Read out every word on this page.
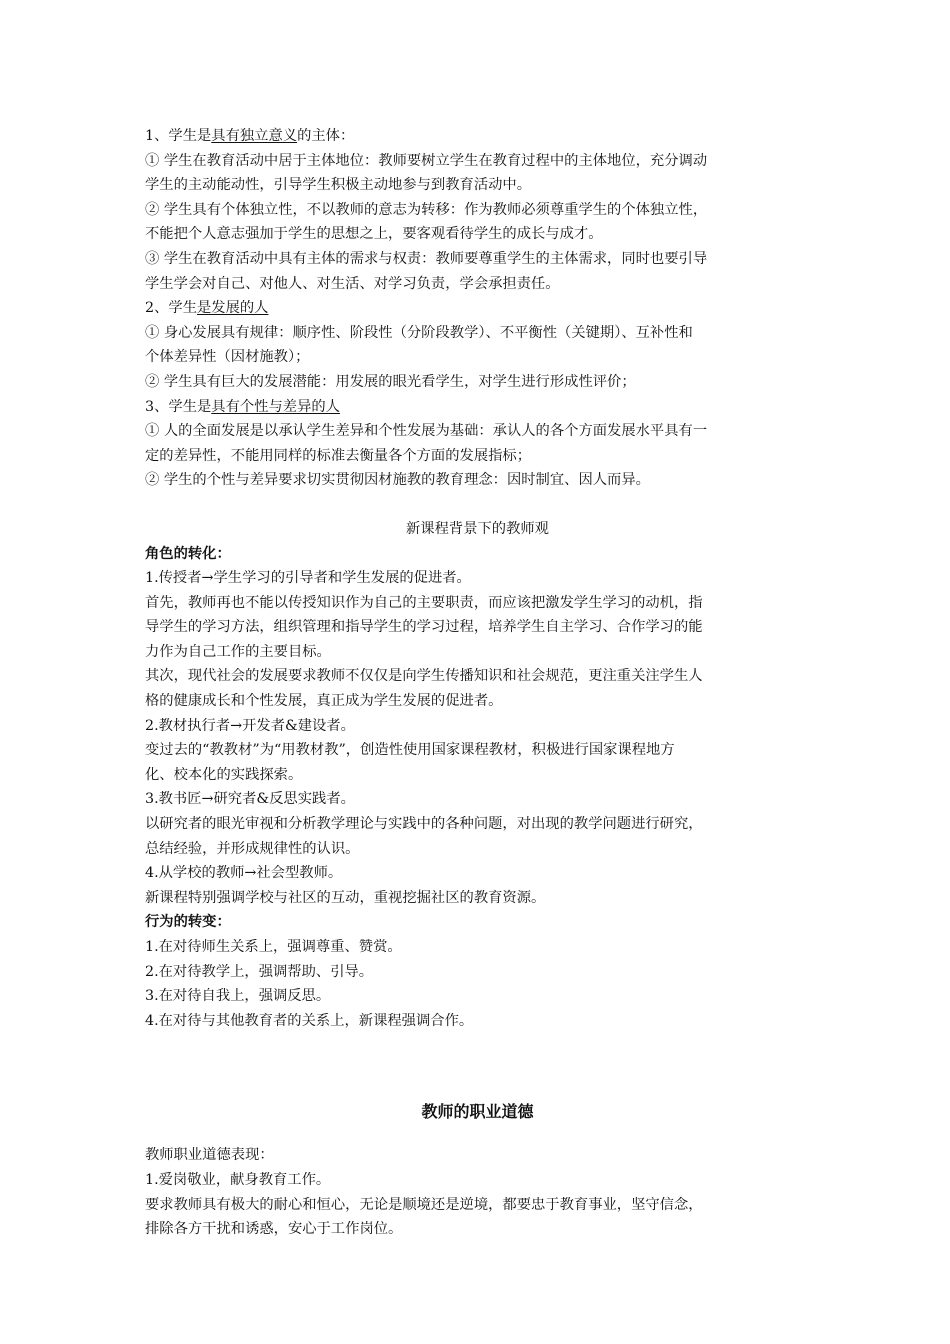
1、学生是具有独立意义的主体：

① 学生在教育活动中居于主体地位：教师要树立学生在教育过程中的主体地位，充分调动

学生的主动能动性，引导学生积极主动地参与到教育活动中。

② 学生具有个体独立性，不以教师的意志为转移：作为教师必须尊重学生的个体独立性，

不能把个人意志强加于学生的思想之上，要客观看待学生的成长与成才。

③ 学生在教育活动中具有主体的需求与权责：教师要尊重学生的主体需求，同时也要引导

学生学会对自己、对他人、对生活、对学习负责，学会承担责任。

2、学生是发展的人

① 身心发展具有规律：顺序性、阶段性（分阶段教学）、不平衡性（关键期）、互补性和

个体差异性（因材施教）；

② 学生具有巨大的发展潜能：用发展的眼光看学生，对学生进行形成性评价；

3、学生是具有个性与差异的人

① 人的全面发展是以承认学生差异和个性发展为基础：承认人的各个方面发展水平具有一

定的差异性，不能用同样的标准去衡量各个方面的发展指标；

② 学生的个性与差异要求切实贯彻因材施教的教育理念：因时制宜、因人而异。

新课程背景下的教师观

角色的转化：

1.传授者→学生学习的引导者和学生发展的促进者。

首先，教师再也不能以传授知识作为自己的主要职责，而应该把激发学生学习的动机，指

导学生的学习方法，组织管理和指导学生的学习过程，培养学生自主学习、合作学习的能

力作为自己工作的主要目标。

其次，现代社会的发展要求教师不仅仅是向学生传播知识和社会规范，更注重关注学生人

格的健康成长和个性发展，真正成为学生发展的促进者。

2.教材执行者→开发者&建设者。

变过去的“教教材”为“用教材教”，创造性使用国家课程教材，积极进行国家课程地方

化、校本化的实践探索。

3.教书匠→研究者&反思实践者。

以研究者的眼光审视和分析教学理论与实践中的各种问题，对出现的教学问题进行研究，

总结经验，并形成规律性的认识。

4.从学校的教师→社会型教师。

新课程特别强调学校与社区的互动，重视挖掘社区的教育资源。

行为的转变：

1.在对待师生关系上，强调尊重、赞赏。

2.在对待教学上，强调帮助、引导。

3.在对待自我上，强调反思。

4.在对待与其他教育者的关系上，新课程强调合作。

教师的职业道德

教师职业道德表现：

1.爱岗敬业，献身教育工作。

要求教师具有极大的耐心和恒心，无论是顺境还是逆境，都要忠于教育事业，坚守信念，

排除各方干扰和诱惑，安心于工作岗位。
